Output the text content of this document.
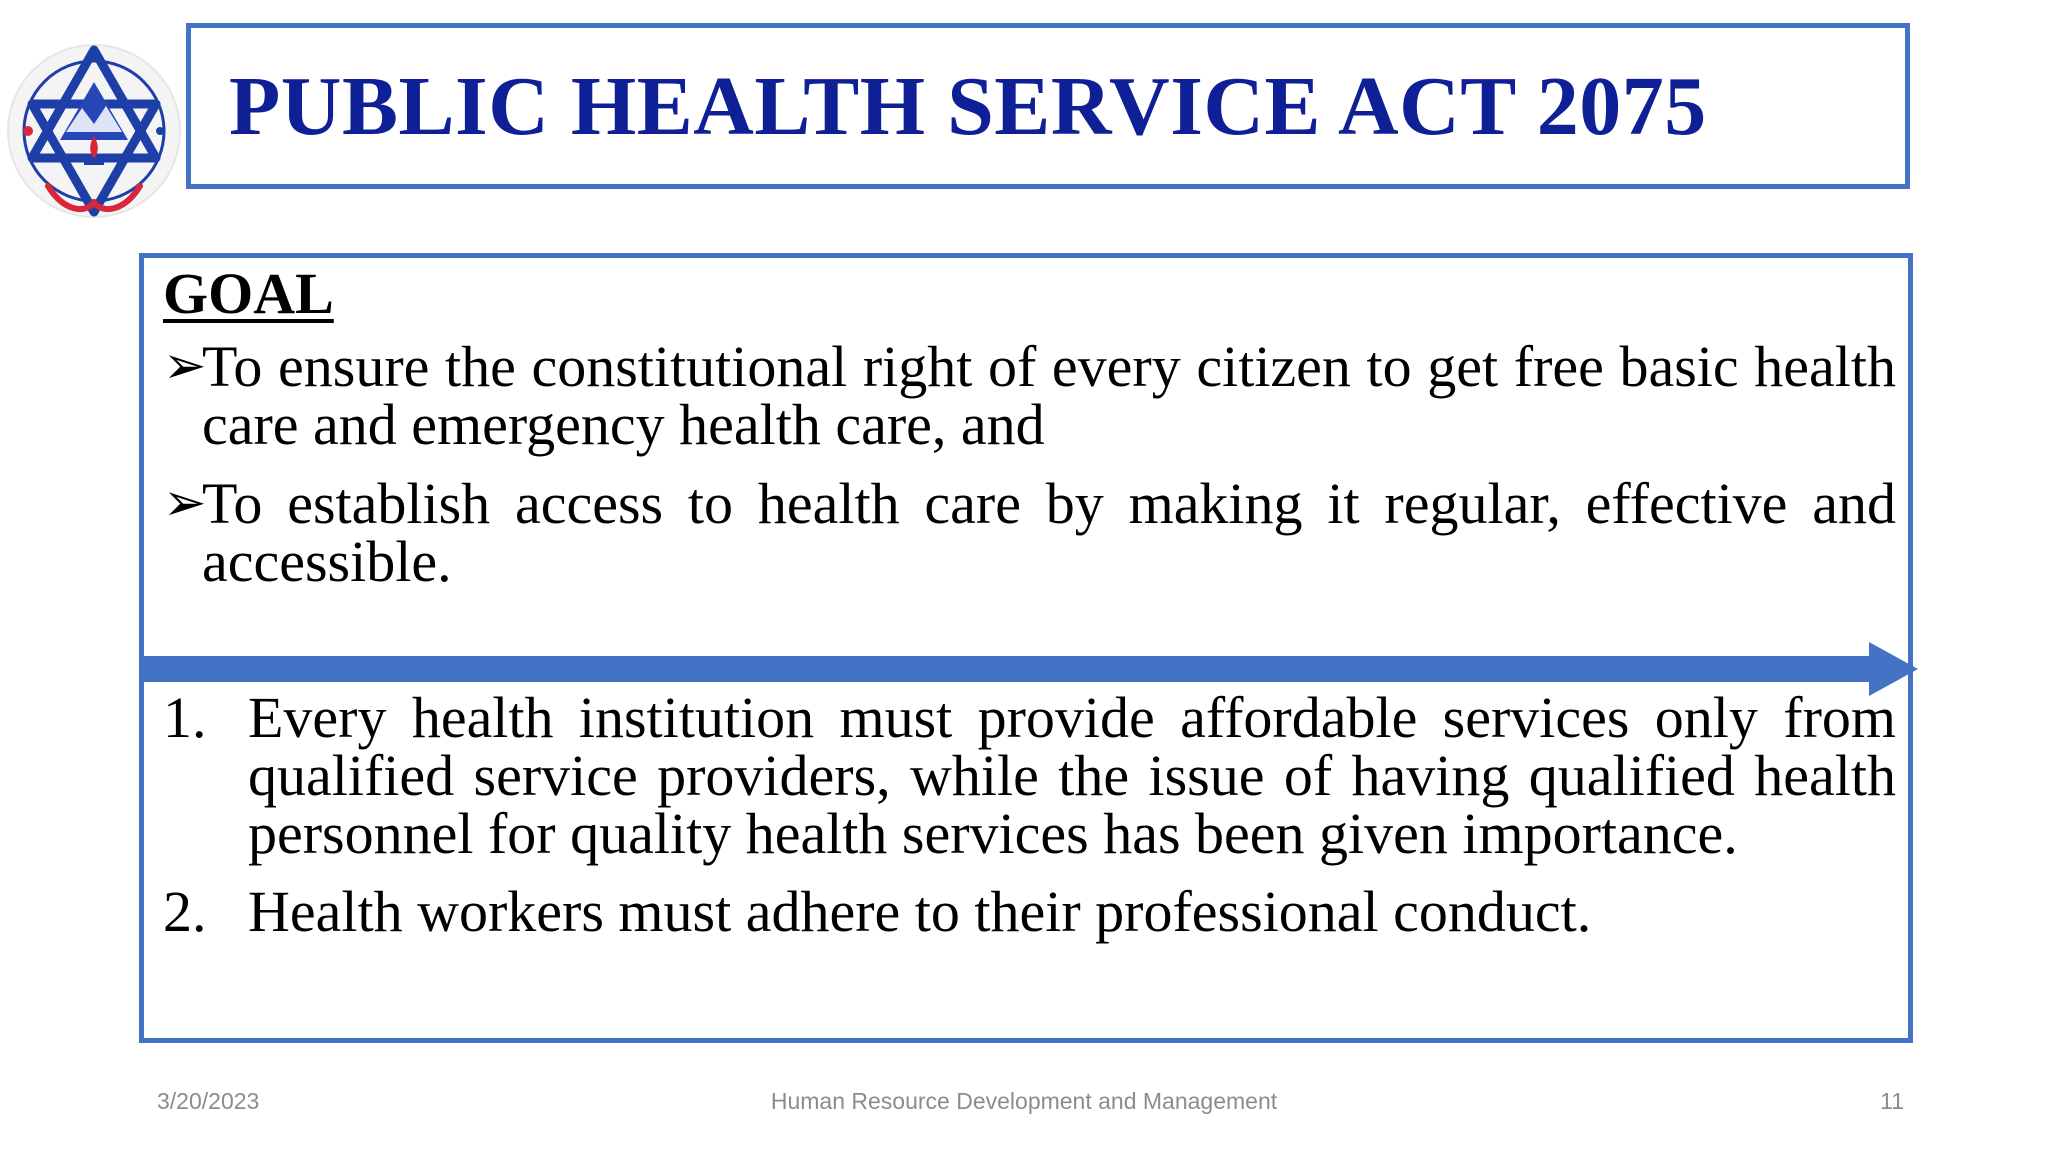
PUBLIC HEALTH SERVICE ACT 2075
GOAL
➢
To ensure the constitutional right of every citizen to get free basic health care and emergency health care, and
➢
To establish access to health care by making it regular, effective and accessible.
1. Every health institution must provide affordable services only from qualified service providers, while the issue of having qualified health personnel for quality health services has been given importance.
2. Health workers must adhere to their professional conduct.
3/20/2023	Human Resource Development and Management	11
